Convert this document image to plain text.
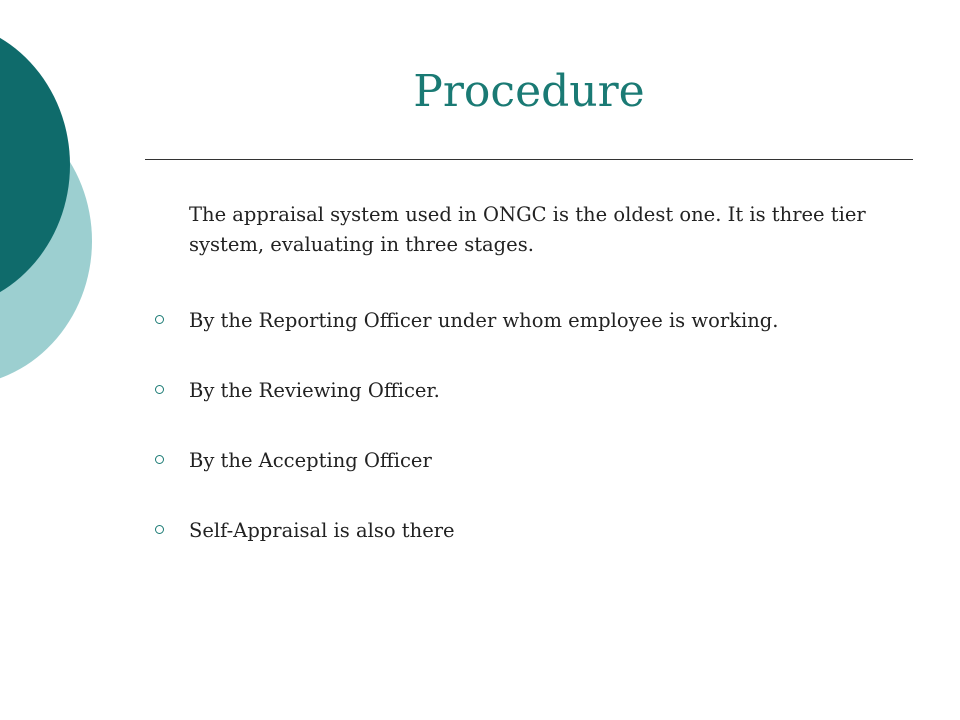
Procedure

The appraisal system used in ONGC is the oldest one. It is three tier system, evaluating in three stages.

By the Reporting Officer under whom employee is working.
By the Reviewing Officer.
By the Accepting Officer
Self-Appraisal is also there
